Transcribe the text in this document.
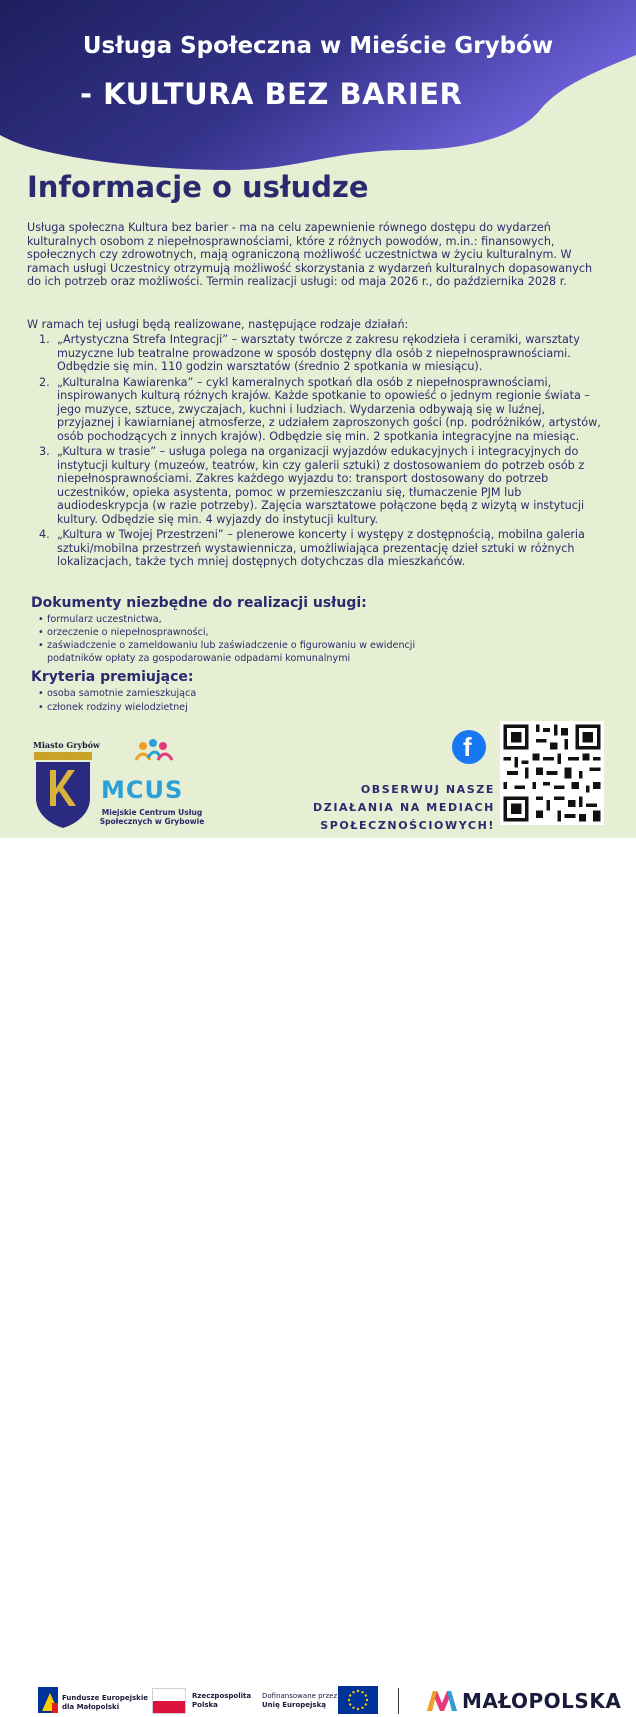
Usługa Społeczna w Mieście Grybów
- KULTURA BEZ BARIER
Informacje o usłudze

Usługa społeczna Kultura bez barier - ma na celu zapewnienie równego dostępu do wydarzeń kulturalnych osobom z niepełnosprawnościami, które z różnych powodów, m.in.: finansowych, społecznych czy zdrowotnych, mają ograniczoną możliwość uczestnictwa w życiu kulturalnym. W ramach usługi Uczestnicy otrzymują możliwość skorzystania z wydarzeń kulturalnych dopasowanych do ich potrzeb oraz możliwości. Termin realizacji usługi: od maja 2026 r., do października 2028 r.

W ramach tej usługi będą realizowane, następujące rodzaje działań:

1. „Artystyczna Strefa Integracji” – warsztaty twórcze z zakresu rękodzieła i ceramiki, warsztaty muzyczne lub teatralne prowadzone w sposób dostępny dla osób z niepełnosprawnościami. Odbędzie się min. 110 godzin warsztatów (średnio 2 spotkania w miesiącu).
2. „Kulturalna Kawiarenka” – cykl kameralnych spotkań dla osób z niepełnosprawnościami, inspirowanych kulturą różnych krajów. Każde spotkanie to opowieść o jednym regionie świata – jego muzyce, sztuce, zwyczajach, kuchni i ludziach. Wydarzenia odbywają się w luźnej, przyjaznej i kawiarnianej atmosferze, z udziałem zaproszonych gości (np. podróżników, artystów, osób pochodzących z innych krajów). Odbędzie się min. 2 spotkania integracyjne na miesiąc.
3. „Kultura w trasie” – usługa polega na organizacji wyjazdów edukacyjnych i integracyjnych do instytucji kultury (muzeów, teatrów, kin czy galerii sztuki) z dostosowaniem do potrzeb osób z niepełnosprawnościami. Zakres każdego wyjazdu to: transport dostosowany do potrzeb uczestników, opieka asystenta, pomoc w przemieszczaniu się, tłumaczenie PJM lub audiodeskrypcja (w razie potrzeby). Zajęcia warsztatowe połączone będą z wizytą w instytucji kultury. Odbędzie się min. 4 wyjazdy do instytucji kultury.
4. „Kultura w Twojej Przestrzeni” – plenerowe koncerty i występy z dostępnością, mobilna galeria sztuki/mobilna przestrzeń wystawiennicza, umożliwiająca prezentację dzieł sztuki w różnych lokalizacjach, także tych mniej dostępnych dotychczas dla mieszkańców.
Dokumenty niezbędne do realizacji usługi:
• formularz uczestnictwa,
• orzeczenie o niepełnosprawności,
• zaświadczenie o zameldowaniu lub zaświadczenie o figurowaniu w ewidencji podatników opłaty za gospodarowanie odpadami komunalnymi
Kryteria premiujące:
• osoba samotnie zamieszkująca
• członek rodziny wielodzietnej
Miasto Grybów
MCUS
Miejskie Centrum Usług Społecznych w Grybowie
f
OBSERWUJ NASZE
DZIAŁANIA NA MEDIACH
SPOŁECZNOŚCIOWYCH!
Fundusze Europejskie
dla Małopolski
Rzeczpospolita
Polska
Dofinansowane przez
Unię Europejską	MAŁOPOLSKA
